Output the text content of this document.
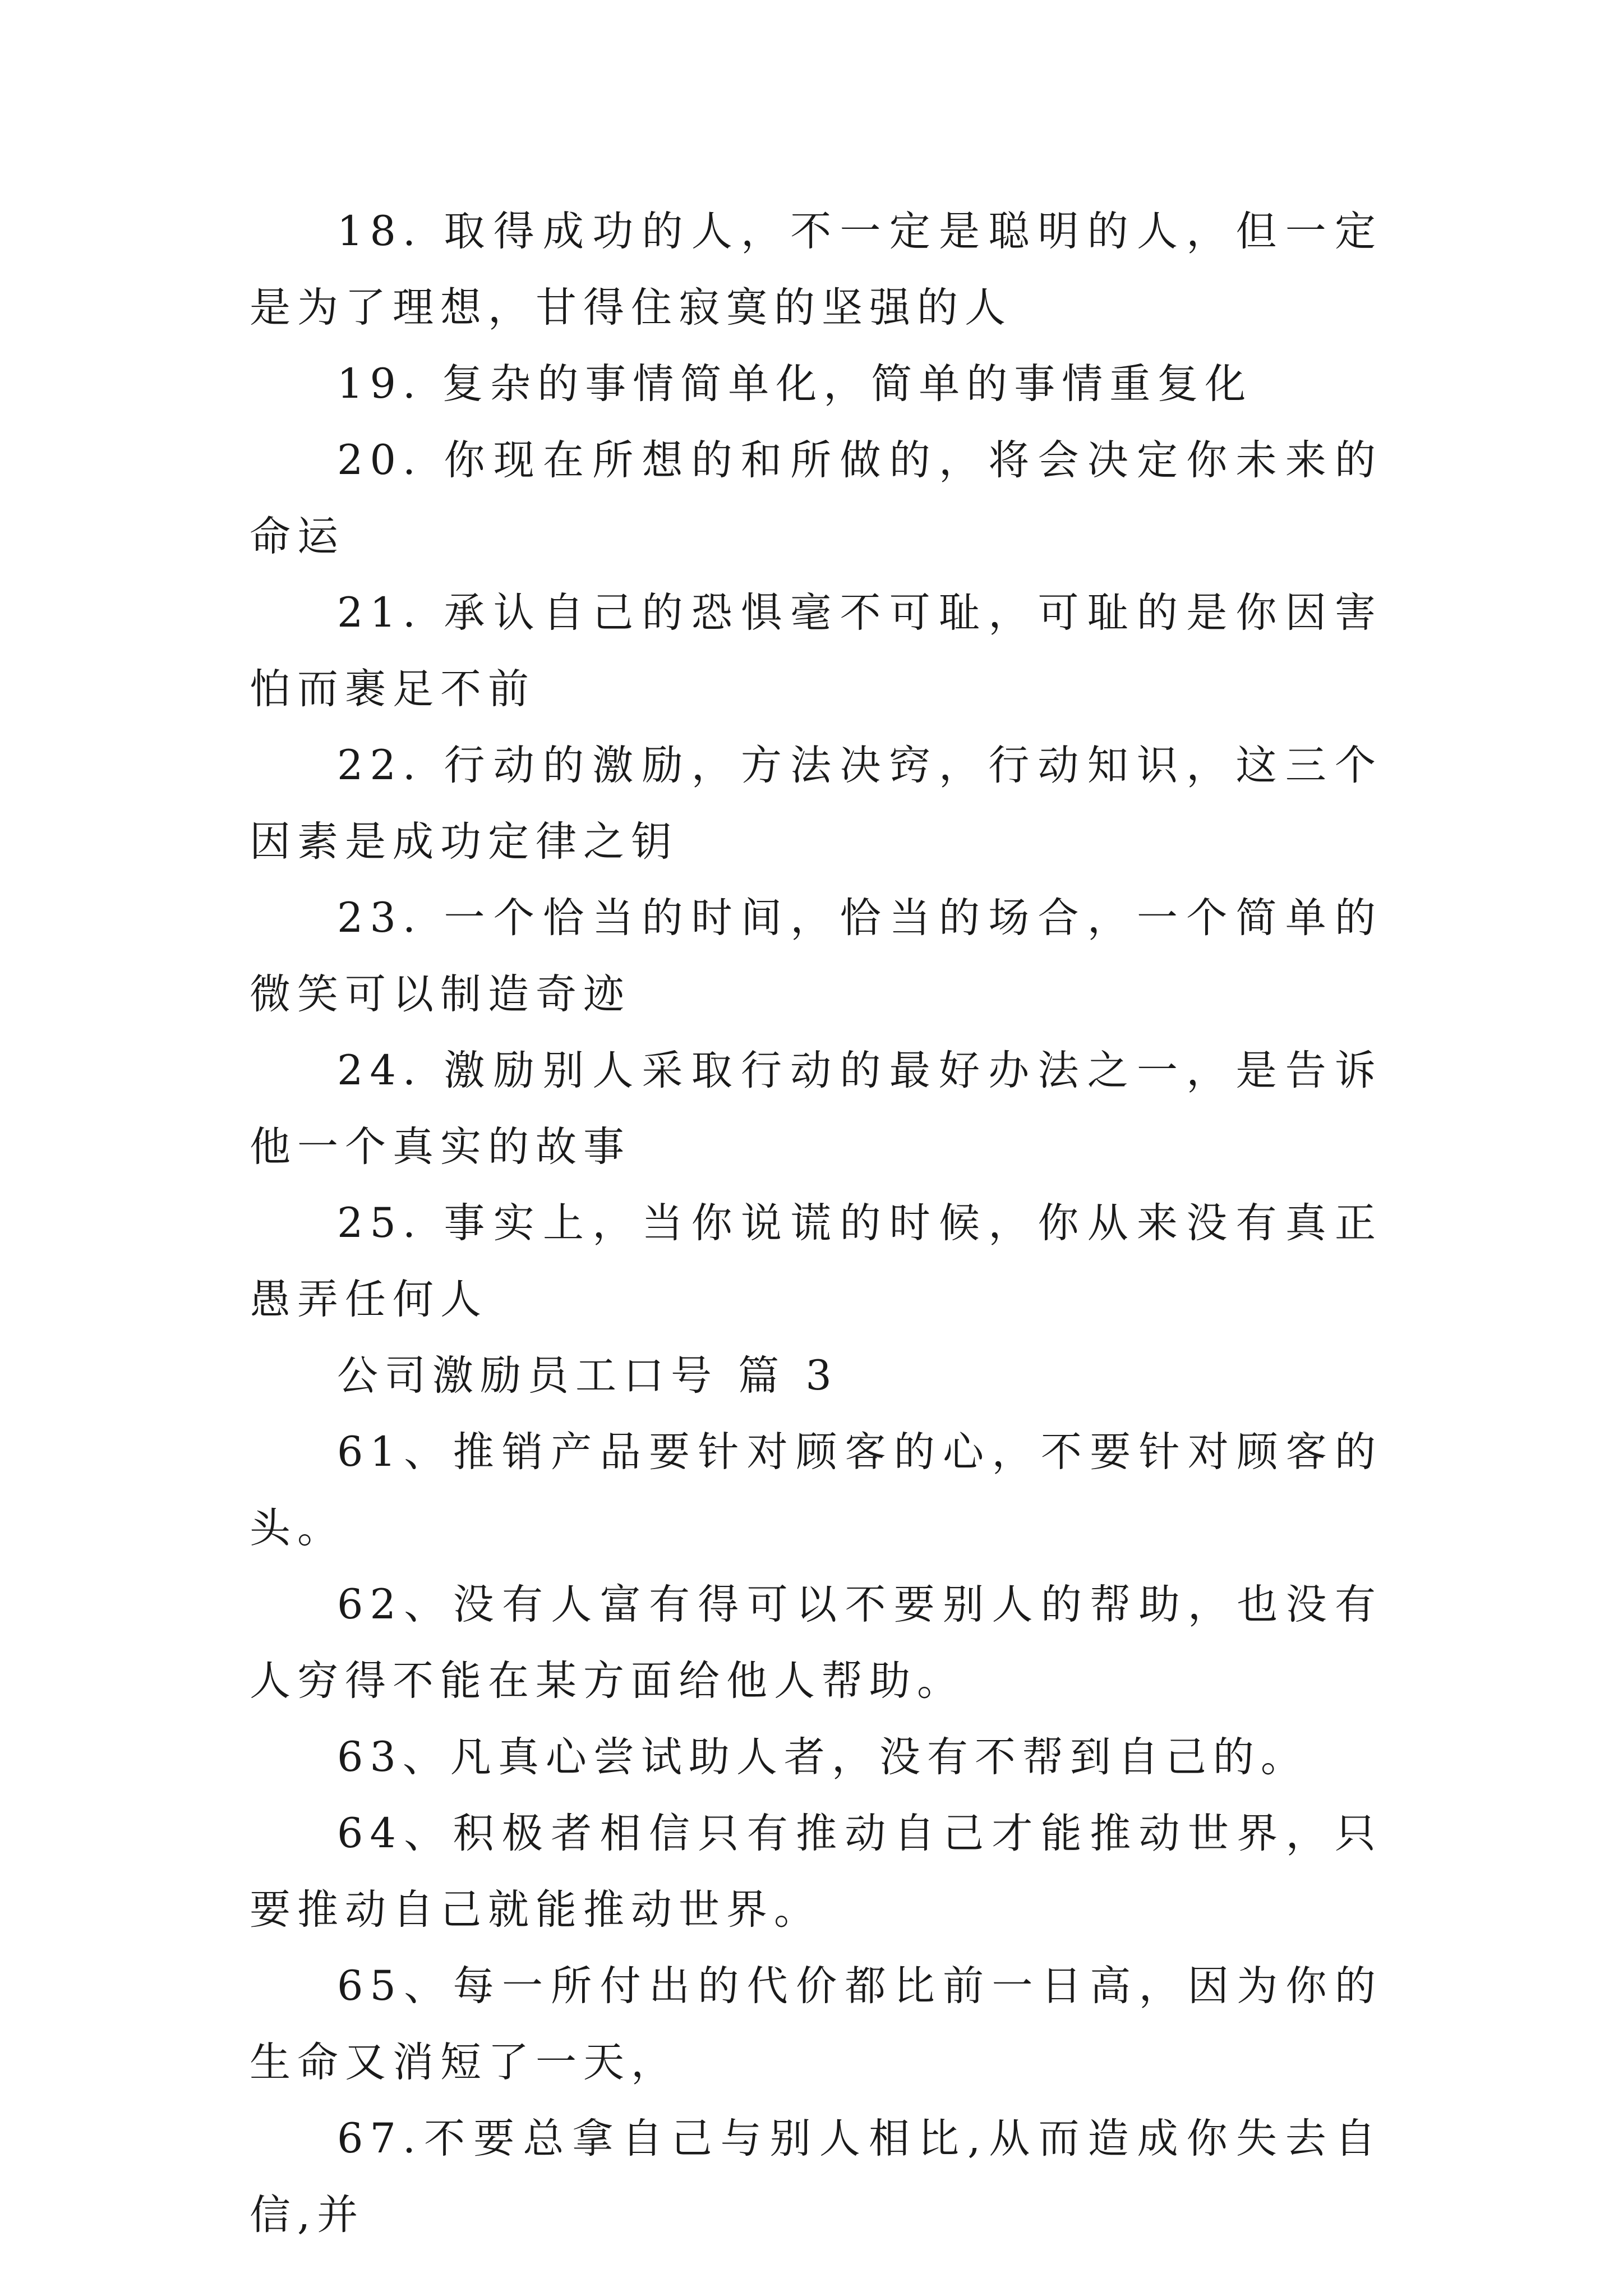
18. 取得成功的人，不一定是聪明的人，但一定是为了理想，甘得住寂寞的坚强的人

19. 复杂的事情简单化，简单的事情重复化

20. 你现在所想的和所做的，将会决定你未来的命运

21. 承认自己的恐惧毫不可耻，可耻的是你因害怕而裹足不前

22. 行动的激励，方法决窍，行动知识，这三个因素是成功定律之钥

23. 一个恰当的时间，恰当的场合，一个简单的微笑可以制造奇迹

24. 激励别人采取行动的最好办法之一，是告诉他一个真实的故事

25. 事实上，当你说谎的时候，你从来没有真正愚弄任何人

公司激励员工口号 篇 3

61、推销产品要针对顾客的心，不要针对顾客的头。

62、没有人富有得可以不要别人的帮助，也没有人穷得不能在某方面给他人帮助。

63、凡真心尝试助人者，没有不帮到自己的。

64、积极者相信只有推动自己才能推动世界，只要推动自己就能推动世界。

65、每一所付出的代价都比前一日高，因为你的生命又消短了一天，

67.不要总拿自己与别人相比,从而造成你失去自信,并
